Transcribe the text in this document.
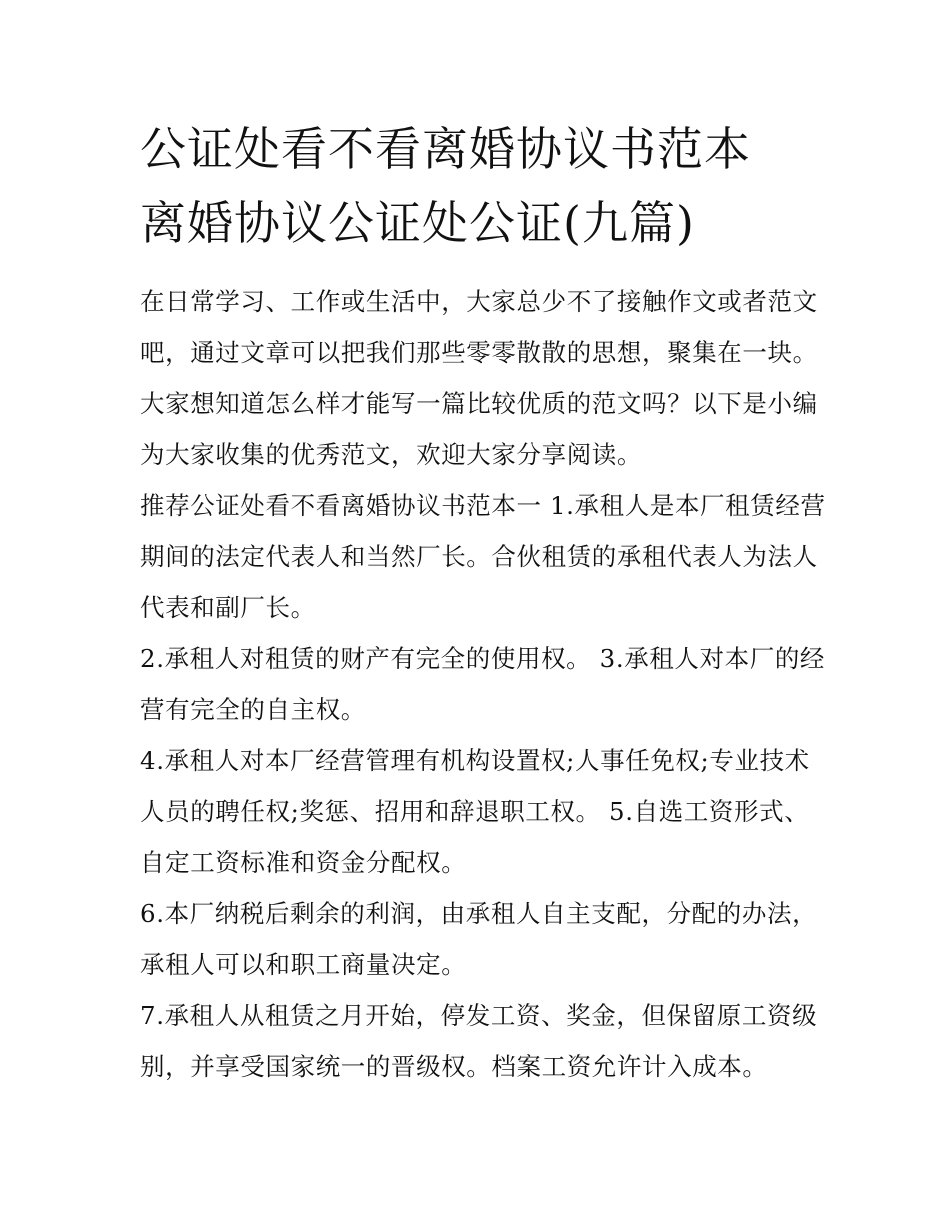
公证处看不看离婚协议书范本
离婚协议公证处公证(九篇)

在日常学习、工作或生活中，大家总少不了接触作文或者范文
吧，通过文章可以把我们那些零零散散的思想，聚集在一块。
大家想知道怎么样才能写一篇比较优质的范文吗？以下是小编
为大家收集的优秀范文，欢迎大家分享阅读。

推荐公证处看不看离婚协议书范本一 1.承租人是本厂租赁经营
期间的法定代表人和当然厂长。合伙租赁的承租代表人为法人
代表和副厂长。

2.承租人对租赁的财产有完全的使用权。 3.承租人对本厂的经
营有完全的自主权。

4.承租人对本厂经营管理有机构设置权;人事任免权;专业技术
人员的聘任权;奖惩、招用和辞退职工权。 5.自选工资形式、
自定工资标准和资金分配权。

6.本厂纳税后剩余的利润，由承租人自主支配，分配的办法，
承租人可以和职工商量决定。

7.承租人从租赁之月开始，停发工资、奖金，但保留原工资级
别，并享受国家统一的晋级权。档案工资允许计入成本。
